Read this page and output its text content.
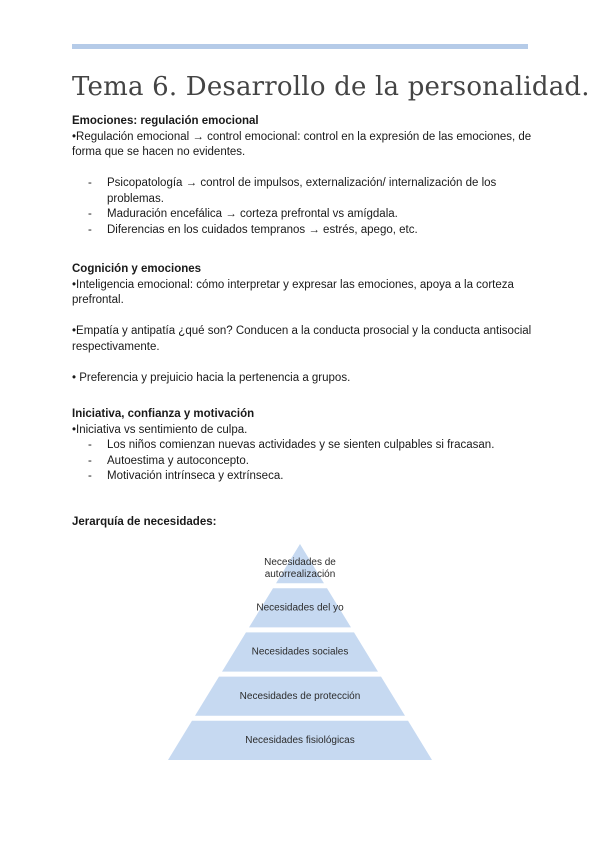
Tema 6. Desarrollo de la personalidad.

Emociones: regulación emocional

•Regulación emocional → control emocional: control en la expresión de las emociones, de forma que se hacen no evidentes.

- Psicopatología → control de impulsos, externalización/ internalización de los problemas.
- Maduración encefálica → corteza prefrontal vs amígdala.
- Diferencias en los cuidados tempranos → estrés, apego, etc.

Cognición y emociones

•Inteligencia emocional: cómo interpretar y expresar las emociones, apoya a la corteza prefrontal.

•Empatía y antipatía ¿qué son? Conducen a la conducta prosocial y la conducta antisocial respectivamente.

• Preferencia y prejuicio hacia la pertenencia a grupos.

Iniciativa, confianza y motivación

•Iniciativa vs sentimiento de culpa.

- Los niños comienzan nuevas actividades y se sienten culpables si fracasan.
- Autoestima y autoconcepto.
- Motivación intrínseca y extrínseca.

Jerarquía de necesidades:

Necesidades de
autorrealización
Necesidades del yo
Necesidades sociales
Necesidades de protección
Necesidades fisiológicas
